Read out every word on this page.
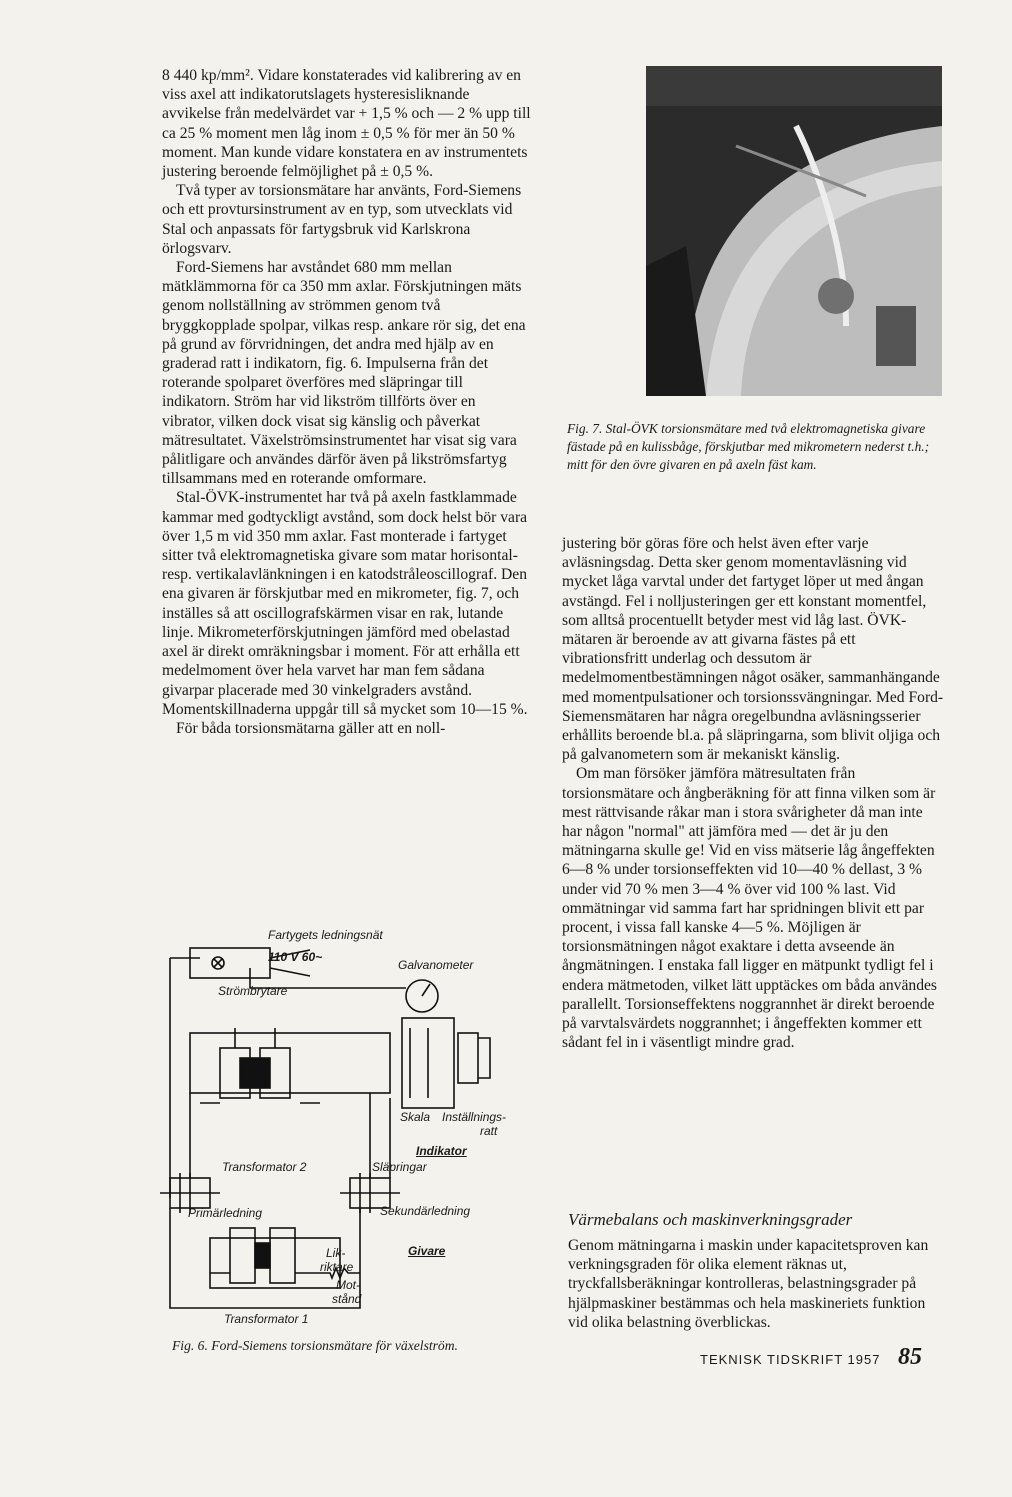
8 440 kp/mm². Vidare konstaterades vid kalibrering av en viss axel att indikatorutslagets hysteresisliknande avvikelse från medelvärdet var + 1,5 % och — 2 % upp till ca 25 % moment men låg inom ± 0,5 % för mer än 50 % moment. Man kunde vidare konstatera en av instrumentets justering beroende felmöjlighet på ± 0,5 %.

Två typer av torsionsmätare har använts, Ford-Siemens och ett provtursinstrument av en typ, som utvecklats vid Stal och anpassats för fartygsbruk vid Karlskrona örlogsvarv.

Ford-Siemens har avståndet 680 mm mellan mätklämmorna för ca 350 mm axlar. Förskjutningen mäts genom nollställning av strömmen genom två bryggkopplade spolpar, vilkas resp. ankare rör sig, det ena på grund av förvridningen, det andra med hjälp av en graderad ratt i indikatorn, fig. 6. Impulserna från det roterande spolparet överföres med släpringar till indikatorn. Ström har vid likström tillförts över en vibrator, vilken dock visat sig känslig och påverkat mätresultatet. Växelströmsinstrumentet har visat sig vara pålitligare och användes därför även på likströmsfartyg tillsammans med en roterande omformare.

Stal-ÖVK-instrumentet har två på axeln fastklammade kammar med godtyckligt avstånd, som dock helst bör vara över 1,5 m vid 350 mm axlar. Fast monterade i fartyget sitter två elektromagnetiska givare som matar horisontal- resp. vertikalavlänkningen i en katodstråleoscillograf. Den ena givaren är förskjutbar med en mikrometer, fig. 7, och inställes så att oscillografskärmen visar en rak, lutande linje. Mikrometerförskjutningen jämförd med obelastad axel är direkt omräkningsbar i moment. För att erhålla ett medelmoment över hela varvet har man fem sådana givarpar placerade med 30 vinkelgraders avstånd. Momentskillnaderna uppgår till så mycket som 10—15 %.

För båda torsionsmätarna gäller att en noll-

Fig. 7. Stal-ÖVK torsionsmätare med två elektromagnetiska givare fästade på en kulissbåge, förskjutbar med mikrometern nederst t.h.; mitt för den övre givaren en på axeln fäst kam.
Fartygets ledningsnät
110 V 60~
Strömbrytare
Galvanometer
Skala Inställnings-
ratt
Indikator
Transformator 2	Släpringar
Primärledning	Sekundärledning
Givare
Lik-
riktare
Mot-
stånd
Transformator 1
Fig. 6. Ford-Siemens torsionsmätare för växelström.

justering bör göras före och helst även efter varje avläsningsdag. Detta sker genom momentavläsning vid mycket låga varvtal under det fartyget löper ut med ångan avstängd. Fel i nolljusteringen ger ett konstant momentfel, som alltså procentuellt betyder mest vid låg last. ÖVK-mätaren är beroende av att givarna fästes på ett vibrationsfritt underlag och dessutom är medelmomentbestämningen något osäker, sammanhängande med momentpulsationer och torsionssvängningar. Med Ford-Siemensmätaren har några oregelbundna avläsningsserier erhållits beroende bl.a. på släpringarna, som blivit oljiga och på galvanometern som är mekaniskt känslig.

Om man försöker jämföra mätresultaten från torsionsmätare och ångberäkning för att finna vilken som är mest rättvisande råkar man i stora svårigheter då man inte har någon "normal" att jämföra med — det är ju den mätningarna skulle ge! Vid en viss mätserie låg ångeffekten 6—8 % under torsionseffekten vid 10—40 % dellast, 3 % under vid 70 % men 3—4 % över vid 100 % last. Vid ommätningar vid samma fart har spridningen blivit ett par procent, i vissa fall kanske 4—5 %. Möjligen är torsionsmätningen något exaktare i detta avseende än ångmätningen. I enstaka fall ligger en mätpunkt tydligt fel i endera mätmetoden, vilket lätt upptäckes om båda användes parallellt. Torsionseffektens noggrannhet är direkt beroende på varvtalsvärdets noggrannhet; i ångeffekten kommer ett sådant fel in i väsentligt mindre grad.

Värmebalans och maskinverkningsgrader

Genom mätningarna i maskin under kapacitetsproven kan verkningsgraden för olika element räknas ut, tryckfallsberäkningar kontrolleras, belastningsgrader på hjälpmaskiner bestämmas och hela maskineriets funktion vid olika belastning överblickas.

TEKNISK TIDSKRIFT 1957 85
